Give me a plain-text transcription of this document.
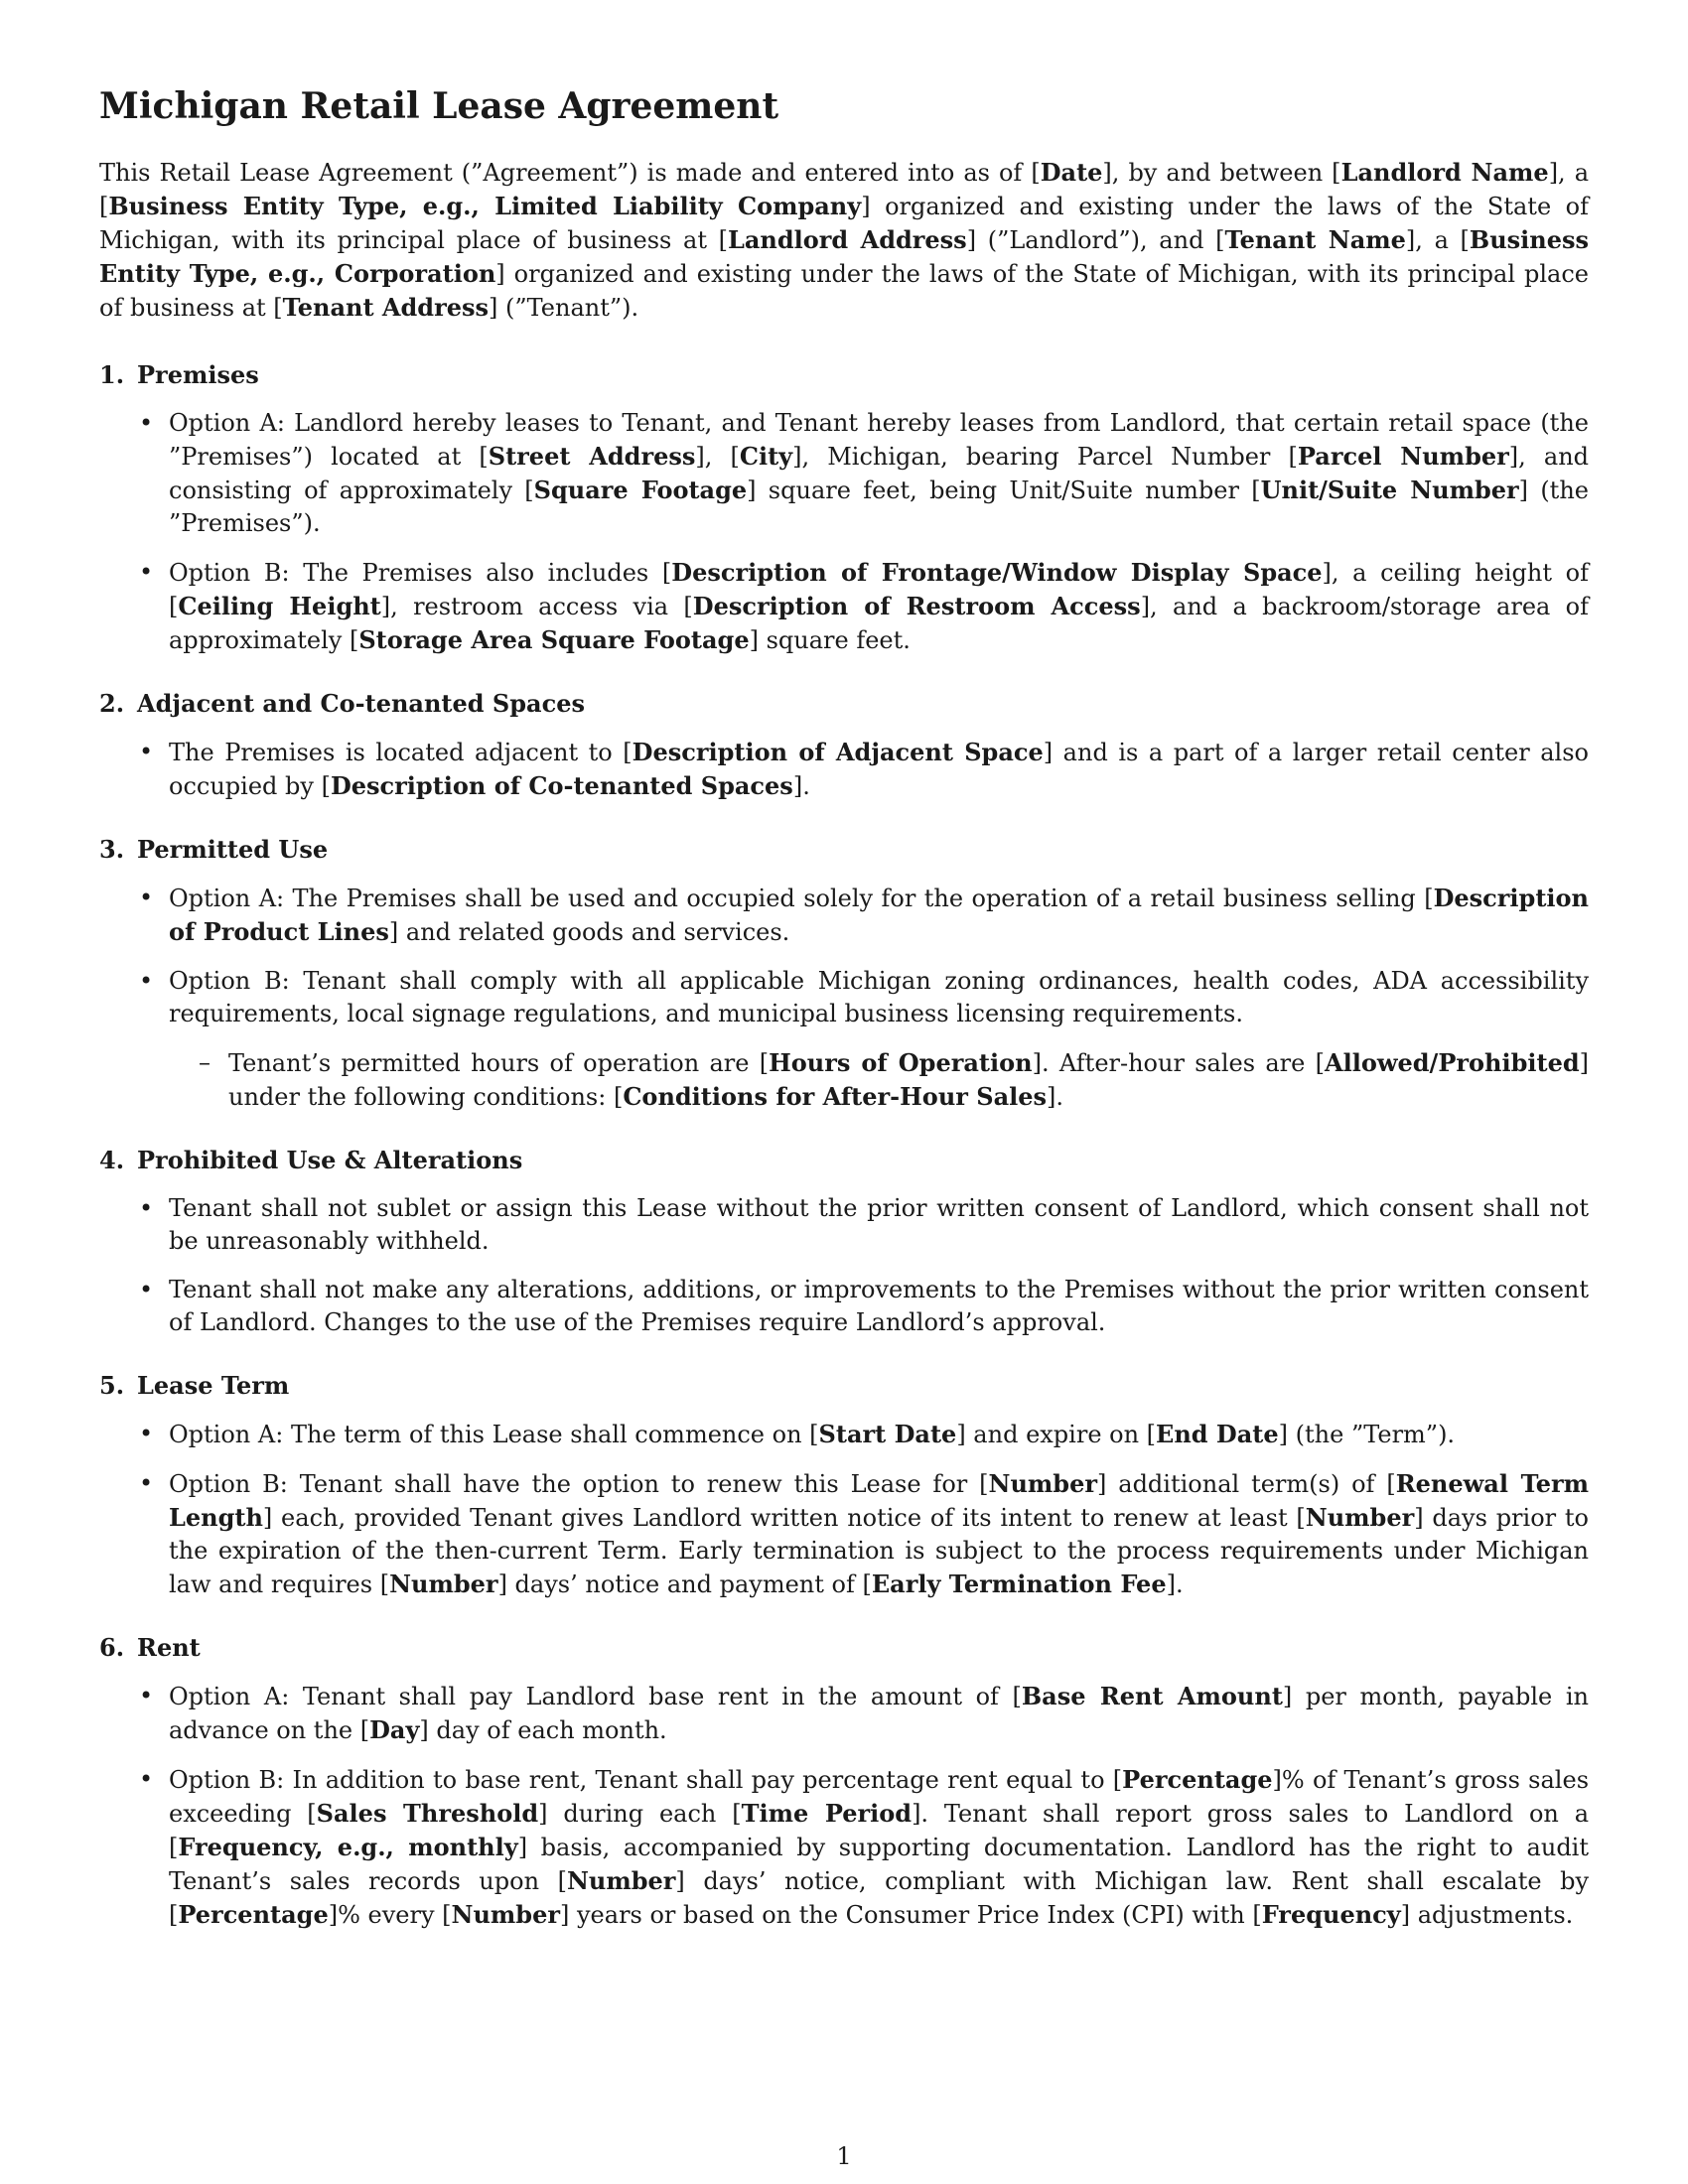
Michigan Retail Lease Agreement

This Retail Lease Agreement (”Agreement”) is made and entered into as of [Date], by and between [Landlord Name], a [Business Entity Type, e.g., Limited Liability Company] organized and existing under the laws of the State of Michigan, with its principal place of business at [Landlord Address] (”Landlord”), and [Tenant Name], a [Business Entity Type, e.g., Corporation] organized and existing under the laws of the State of Michigan, with its principal place of business at [Tenant Address] (”Tenant”).

1. Premises
• Option A: Landlord hereby leases to Tenant, and Tenant hereby leases from Landlord, that certain retail space (the ”Premises”) located at [Street Address], [City], Michigan, bearing Parcel Number [Parcel Number], and consisting of approximately [Square Footage] square feet, being Unit/Suite number [Unit/Suite Number] (the ”Premises”).
• Option B: The Premises also includes [Description of Frontage/Window Display Space], a ceiling height of [Ceiling Height], restroom access via [Description of Restroom Access], and a backroom/storage area of approximately [Storage Area Square Footage] square feet.
2. Adjacent and Co-tenanted Spaces
• The Premises is located adjacent to [Description of Adjacent Space] and is a part of a larger retail center also occupied by [Description of Co-tenanted Spaces].
3. Permitted Use
• Option A: The Premises shall be used and occupied solely for the operation of a retail business selling [Description of Product Lines] and related goods and services.
• Option B: Tenant shall comply with all applicable Michigan zoning ordinances, health codes, ADA accessibility requirements, local signage regulations, and municipal business licensing requirements.
– Tenant’s permitted hours of operation are [Hours of Operation]. After-hour sales are [Allowed/Prohibited] under the following conditions: [Conditions for After-Hour Sales].
4. Prohibited Use & Alterations
• Tenant shall not sublet or assign this Lease without the prior written consent of Landlord, which consent shall not be unreasonably withheld.
• Tenant shall not make any alterations, additions, or improvements to the Premises without the prior written consent of Landlord. Changes to the use of the Premises require Landlord’s approval.
5. Lease Term
• Option A: The term of this Lease shall commence on [Start Date] and expire on [End Date] (the ”Term”).
• Option B: Tenant shall have the option to renew this Lease for [Number] additional term(s) of [Renewal Term Length] each, provided Tenant gives Landlord written notice of its intent to renew at least [Number] days prior to the expiration of the then-current Term. Early termination is subject to the process requirements under Michigan law and requires [Number] days’ notice and payment of [Early Termination Fee].
6. Rent
• Option A: Tenant shall pay Landlord base rent in the amount of [Base Rent Amount] per month, payable in advance on the [Day] day of each month.
• Option B: In addition to base rent, Tenant shall pay percentage rent equal to [Percentage]% of Tenant’s gross sales exceeding [Sales Threshold] during each [Time Period]. Tenant shall report gross sales to Landlord on a [Frequency, e.g., monthly] basis, accompanied by supporting documentation. Landlord has the right to audit Tenant’s sales records upon [Number] days’ notice, compliant with Michigan law. Rent shall escalate by [Percentage]% every [Number] years or based on the Consumer Price Index (CPI) with [Frequency] adjustments.
1
